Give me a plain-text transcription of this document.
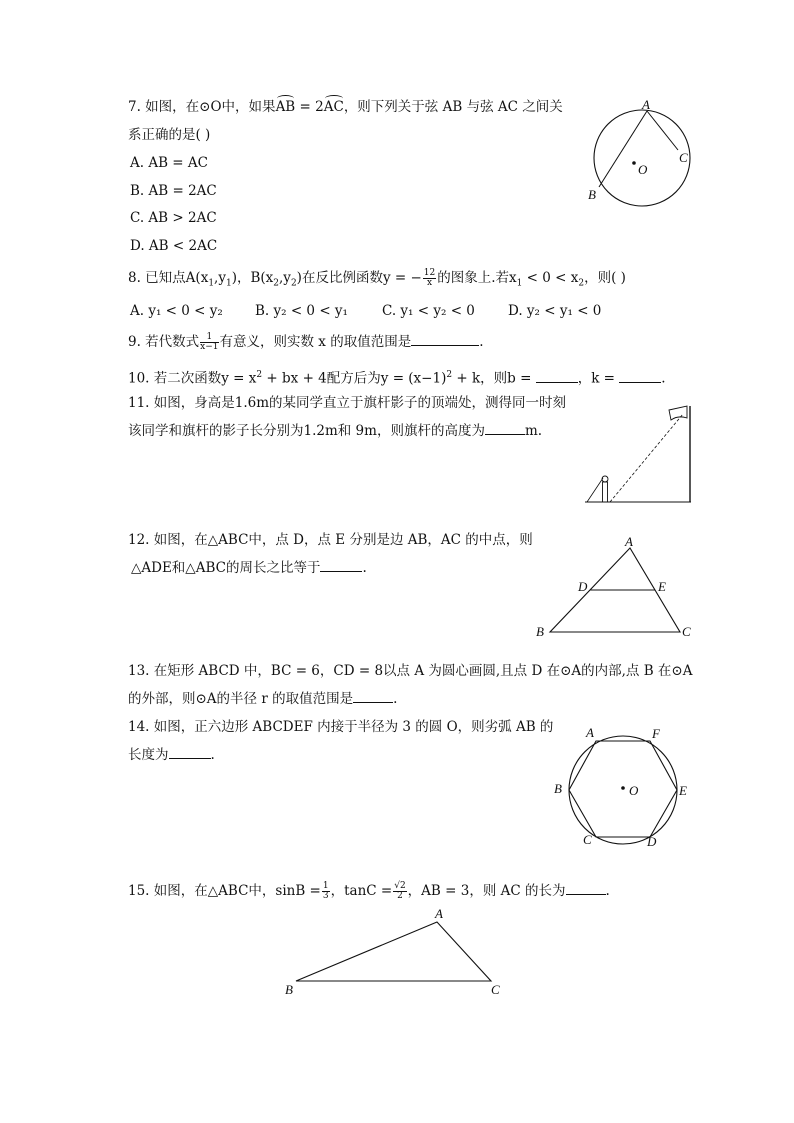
7. 如图，在⊙O中，如果AB = 2AC，则下列关于弦 AB 与弦 AC 之间关
系正确的是( )
A. AB = AC
B. AB = 2AC
C. AB > 2AC
D. AB < 2AC
A
B
C
O
8. 已知点$A(x_1,y_1)$，$B(x_2,y_2)$在反比例函数y = − $\frac{12}{x}$ 的图象上.若$x_1 < 0 < x_2$，则( )
A. y₁ < 0 < y₂ B. y₂ < 0 < y₁	C. y₁ < y₂ < 0 D. y₂ < y₁ < 0
9. 若代数式 $\frac{1}{x-1}$ 有意义，则实数 x 的取值范围是	.
10. 若二次函数$y = x^2$ + bx + 4配方后为$y = (x-1)^2 + k$，则b =	，k =	.
11. 如图，身高是1.6m的某同学直立于旗杆影子的顶端处，测得同一时刻
该同学和旗杆的影子长分别为1.2m和 9m，则旗杆的高度为	m.
12. 如图，在△ABC中，点 D，点 E 分别是边 AB，AC 的中点，则
△ADE和△ABC的周长之比等于	.
A
B	C
D	E
13. 在矩形 ABCD 中，BC = 6，CD = 8以点 A 为圆心画圆,且点 D 在⊙A的内部,点 B 在⊙A
的外部，则⊙A的半径 r 的取值范围是	.
14. 如图，正六边形 ABCDEF 内接于半径为 3 的圆 O，则劣弧 AB 的
长度为	.
A	F
B	E
C	D
O
15. 如图，在△ABC中，$\sin B = \frac{1}{3}$ ，$\tan C = \frac{√2}{2}$ ，AB = 3，则 AC 的长为	.
A
B	C
